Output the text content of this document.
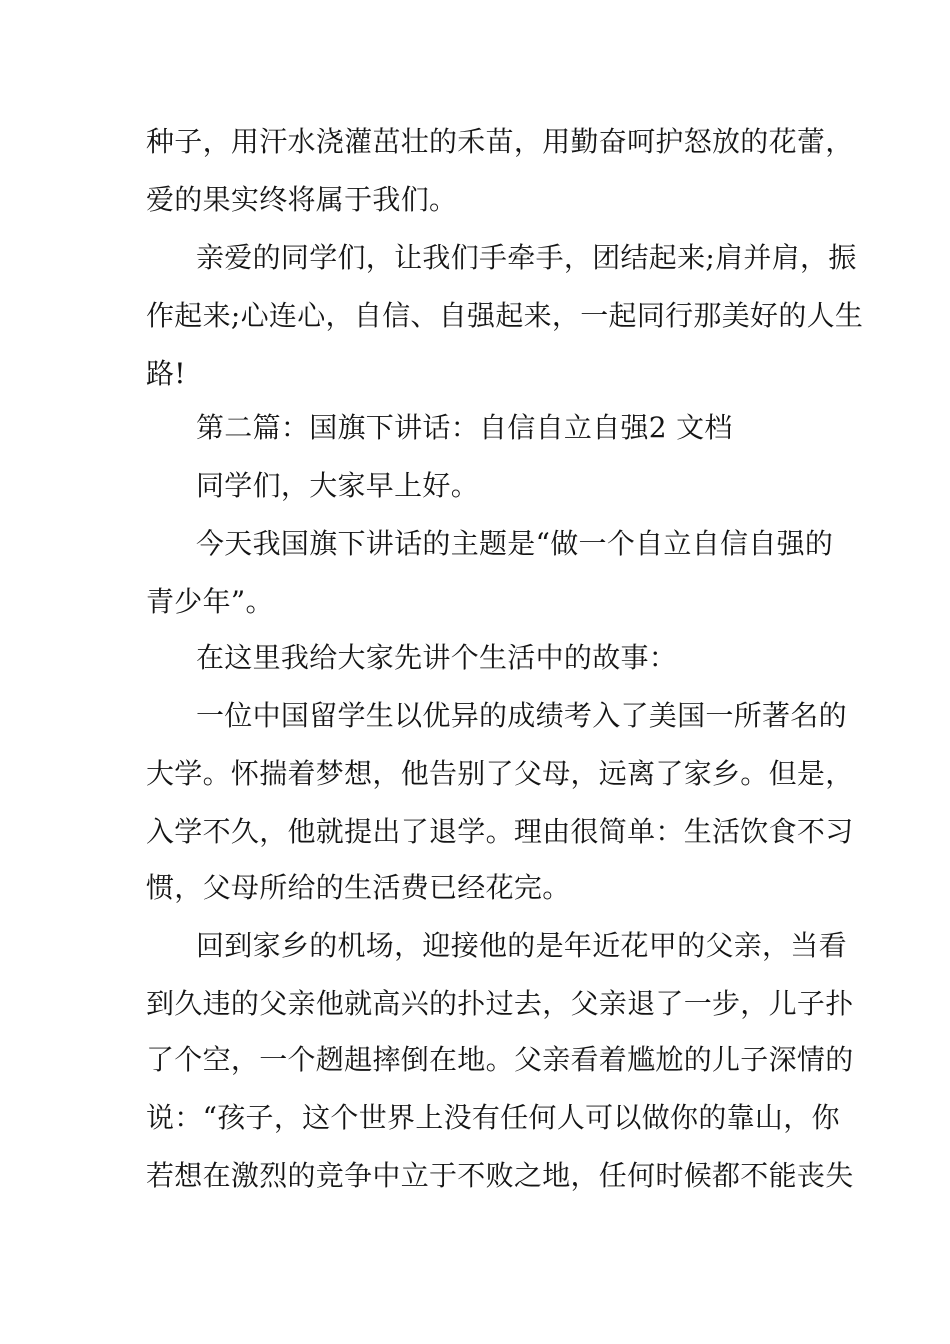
种子，用汗水浇灌茁壮的禾苗，用勤奋呵护怒放的花蕾，
爱的果实终将属于我们。
亲爱的同学们，让我们手牵手，团结起来;肩并肩，振
作起来;心连心，自信、自强起来，一起同行那美好的人生
路!
第二篇：国旗下讲话：自信自立自强2 文档
同学们，大家早上好。
今天我国旗下讲话的主题是“做一个自立自信自强的
青少年”。
在这里我给大家先讲个生活中的故事：
一位中国留学生以优异的成绩考入了美国一所著名的
大学。怀揣着梦想，他告别了父母，远离了家乡。但是，
入学不久，他就提出了退学。理由很简单：生活饮食不习
惯，父母所给的生活费已经花完。
回到家乡的机场，迎接他的是年近花甲的父亲，当看
到久违的父亲他就高兴的扑过去，父亲退了一步，儿子扑
了个空，一个趔趄摔倒在地。父亲看着尴尬的儿子深情的
说：“孩子，这个世界上没有任何人可以做你的靠山，你
若想在激烈的竞争中立于不败之地，任何时候都不能丧失
